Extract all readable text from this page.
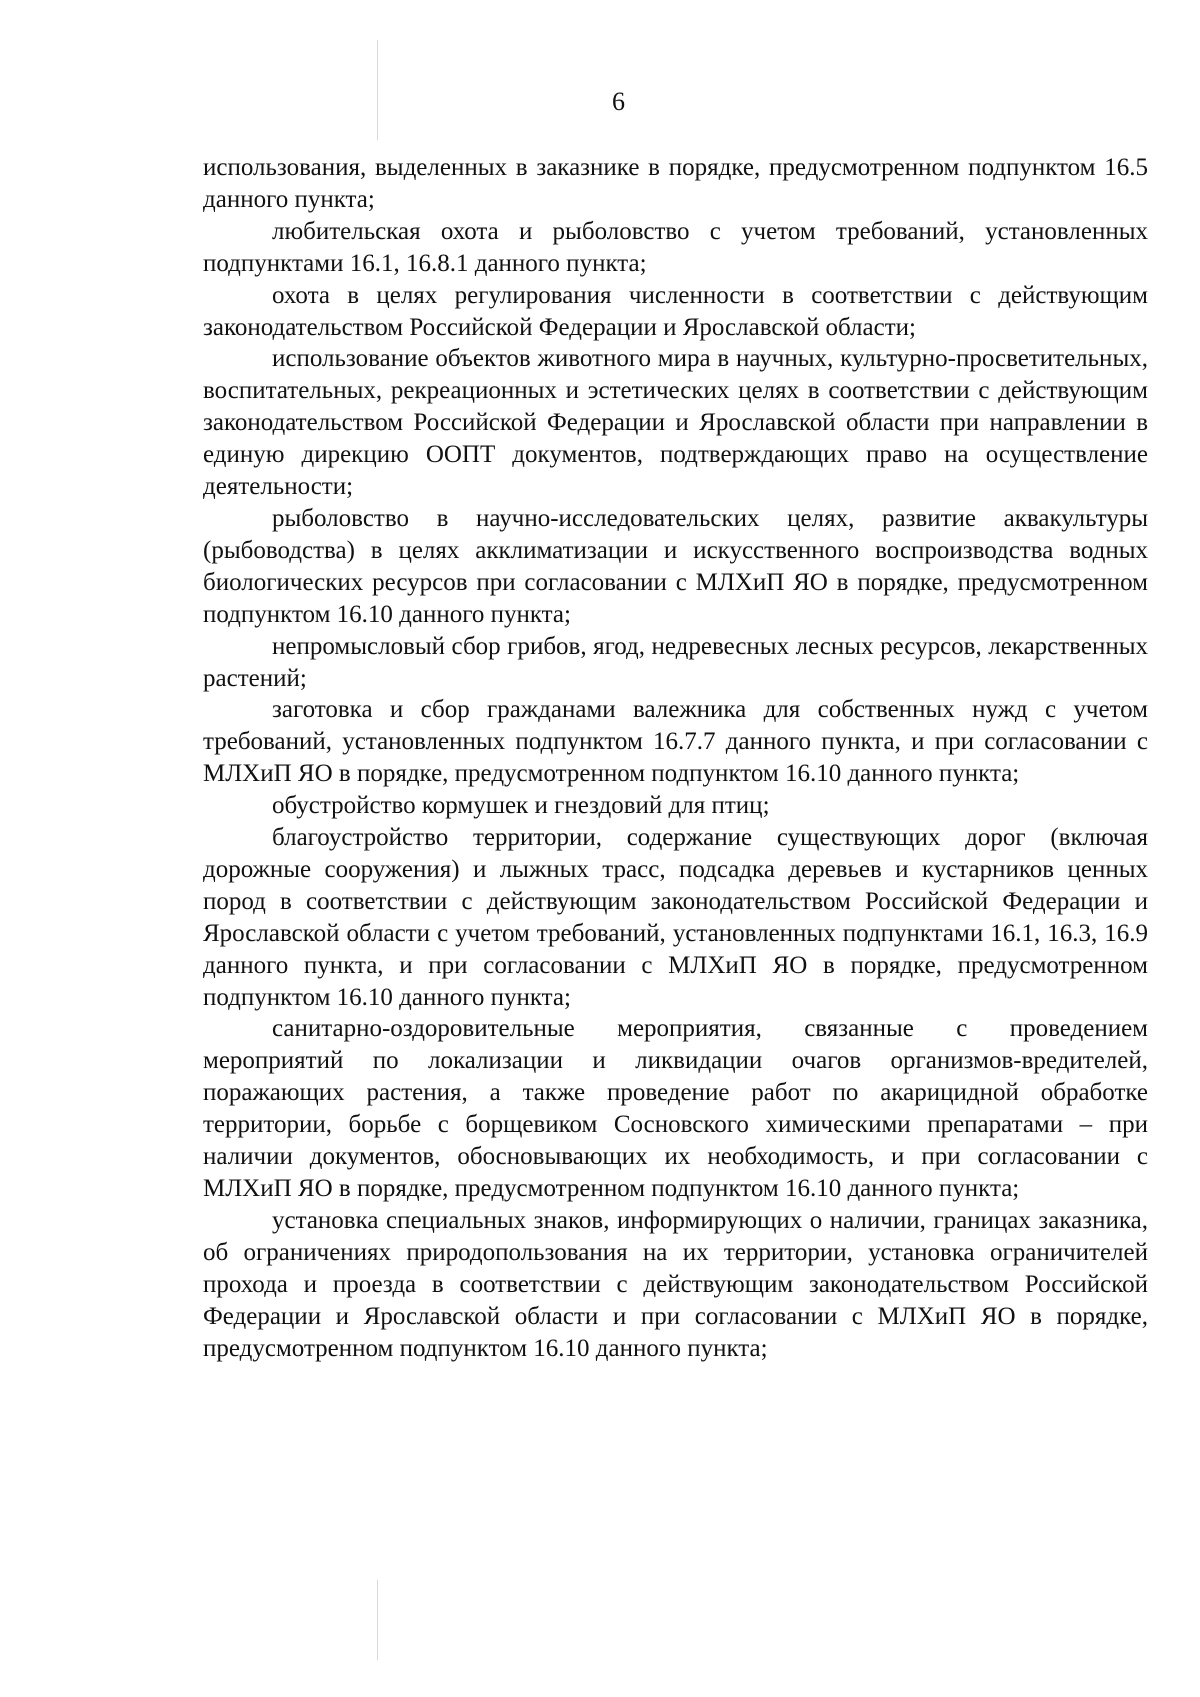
6

использования, выделенных в заказнике в порядке, предусмотренном подпунктом 16.5 данного пункта;

любительская охота и рыболовство с учетом требований, установленных подпунктами 16.1, 16.8.1 данного пункта;

охота в целях регулирования численности в соответствии с действующим законодательством Российской Федерации и Ярославской области;

использование объектов животного мира в научных, культурно-просветительных, воспитательных, рекреационных и эстетических целях в соответствии с действующим законодательством Российской Федерации и Ярославской области при направлении в единую дирекцию ООПТ документов, подтверждающих право на осуществление деятельности;

рыболовство в научно-исследовательских целях, развитие аквакультуры (рыбоводства) в целях акклиматизации и искусственного воспроизводства водных биологических ресурсов при согласовании с МЛХиП ЯО в порядке, предусмотренном подпунктом 16.10 данного пункта;

непромысловый сбор грибов, ягод, недревесных лесных ресурсов, лекарственных растений;

заготовка и сбор гражданами валежника для собственных нужд с учетом требований, установленных подпунктом 16.7.7 данного пункта, и при согласовании с МЛХиП ЯО в порядке, предусмотренном подпунктом 16.10 данного пункта;

обустройство кормушек и гнездовий для птиц;

благоустройство территории, содержание существующих дорог (включая дорожные сооружения) и лыжных трасс, подсадка деревьев и кустарников ценных пород в соответствии с действующим законодательством Российской Федерации и Ярославской области с учетом требований, установленных подпунктами 16.1, 16.3, 16.9 данного пункта, и при согласовании с МЛХиП ЯО в порядке, предусмотренном подпунктом 16.10 данного пункта;

санитарно-оздоровительные мероприятия, связанные с проведением мероприятий по локализации и ликвидации очагов организмов-вредителей, поражающих растения, а также проведение работ по акарицидной обработке территории, борьбе с борщевиком Сосновского химическими препаратами – при наличии документов, обосновывающих их необходимость, и при согласовании с МЛХиП ЯО в порядке, предусмотренном подпунктом 16.10 данного пункта;

установка специальных знаков, информирующих о наличии, границах заказника, об ограничениях природопользования на их территории, установка ограничителей прохода и проезда в соответствии с действующим законодательством Российской Федерации и Ярославской области и при согласовании с МЛХиП ЯО в порядке, предусмотренном подпунктом 16.10 данного пункта;
